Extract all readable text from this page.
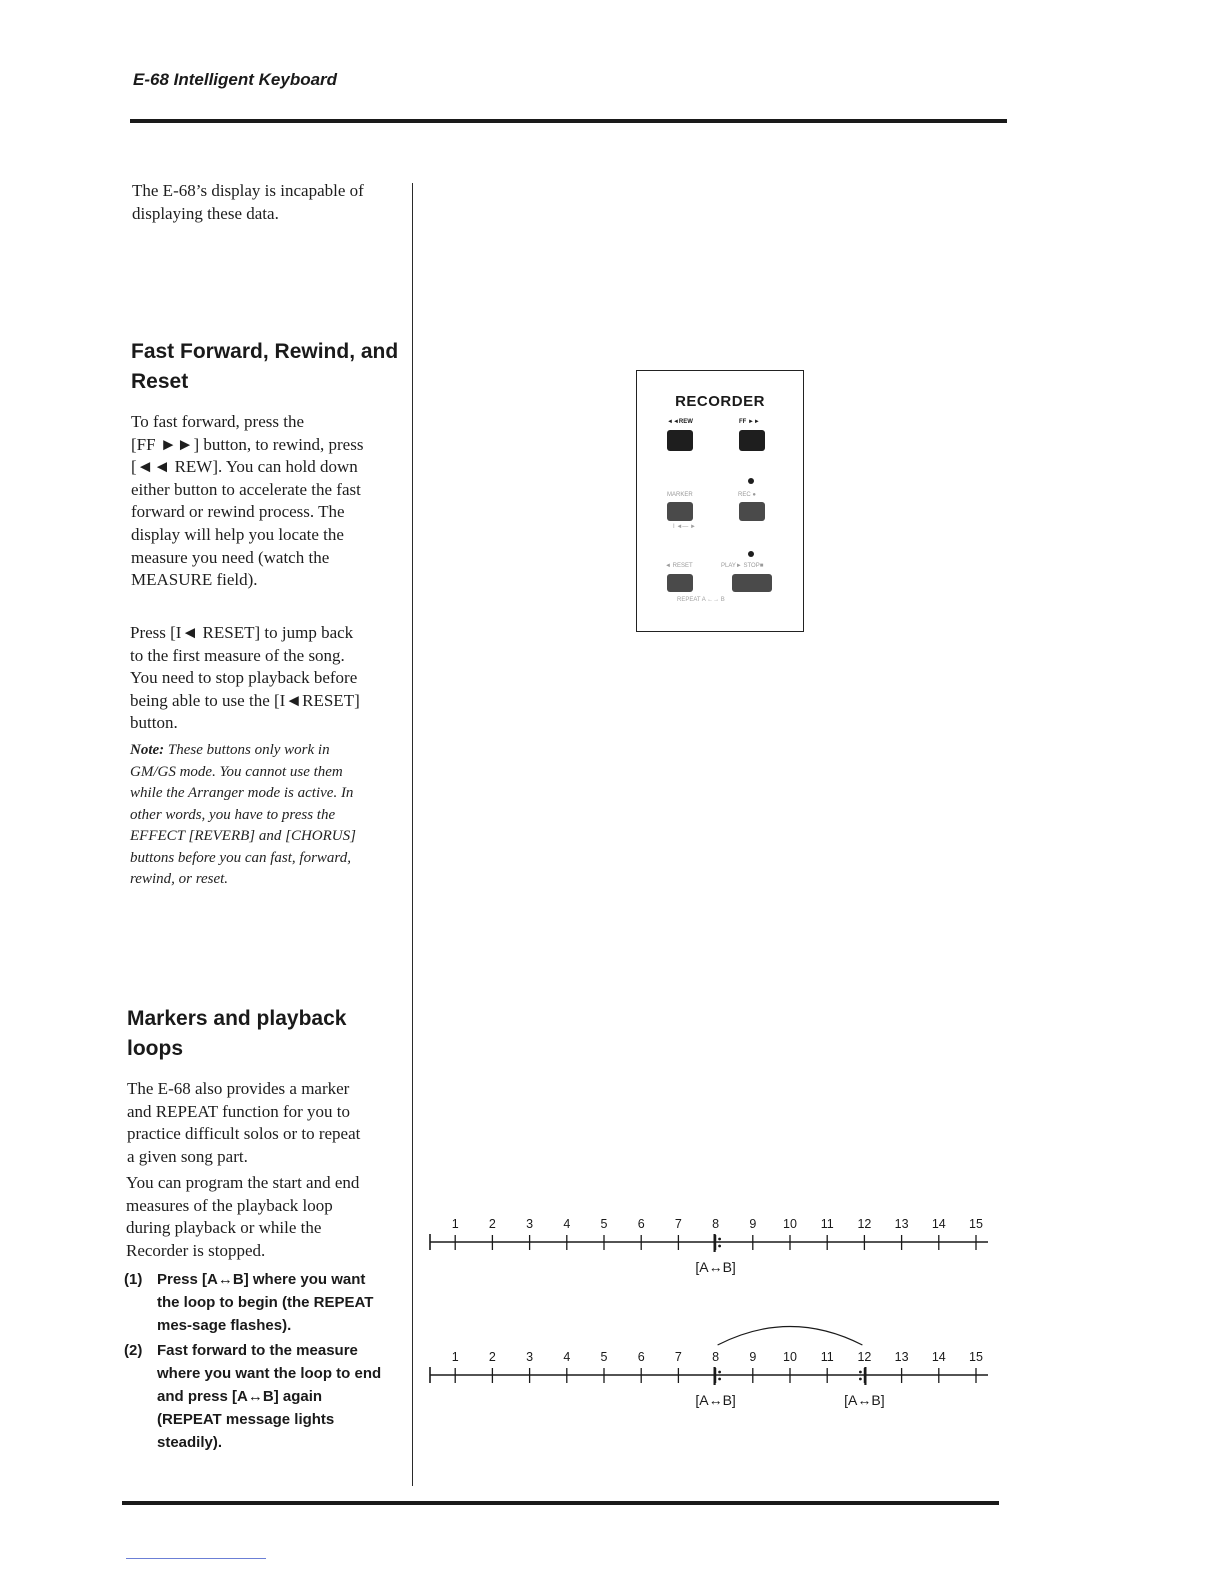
E-68 Intelligent Keyboard
The E-68’s display is incapable of displaying these data.
Fast Forward, Rewind, and
Reset
To fast forward, press the
[FF ►►] button, to rewind, press
[◄◄ REW]. You can hold down
either button to accelerate the fast
forward or rewind process. The
display will help you locate the
measure you need (watch the
MEASURE field).
Press [I◄ RESET] to jump back
to the first measure of the song.
You need to stop playback before
being able to use the [I◄RESET]
button.
Note: These buttons only work in
GM/GS mode. You cannot use them
while the Arranger mode is active. In
other words, you have to press the
EFFECT [REVERB] and [CHORUS]
buttons before you can fast, forward,
rewind, or reset.
Markers and playback
loops
The E-68 also provides a marker
and REPEAT function for you to
practice difficult solos or to repeat
a given song part.
You can program the start and end
measures of the playback loop
during playback or while the
Recorder is stopped.
(1) Press [A↔B] where you want the loop to begin (the REPEAT mes-sage flashes).
(2) Fast forward to the measure where you want the loop to end and press [A↔B] again (REPEAT message lights steadily).
RECORDER
◄◄REW	FF ►►
MARKER	REC ●
I ◄— ►
◄ RESET	PLAY► STOP■
REPEAT A ←→ B
1 2 3 4 5 6 7 8 9 10 11 12 13 14 15
[A↔B]
1 2 3 4 5 6 7 8 9 10 11 12 13 14 15
[A↔B]	[A↔B]
